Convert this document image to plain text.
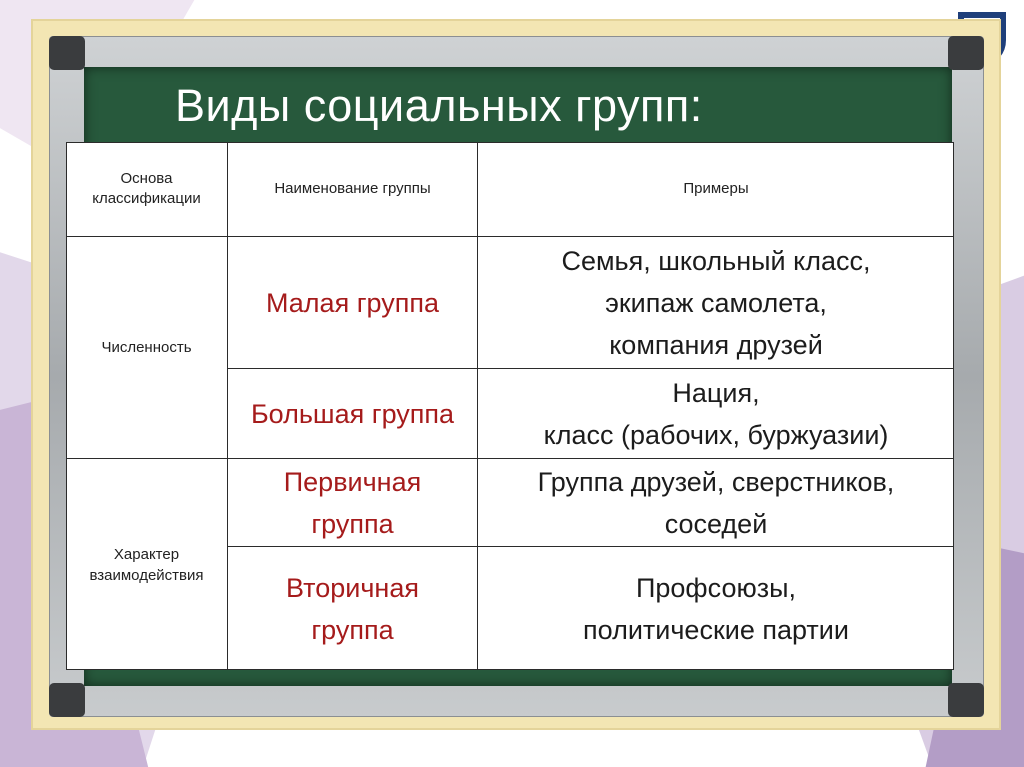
Виды социальных групп:
Основа
классификации
Наименование группы	Примеры
Численность
Малая группа
Семья, школьный класс,
экипаж самолета,
компания друзей
Большая группа
Нация,
класс (рабочих, буржуазии)
Характер
взаимодействия
Первичная
группа
Группа друзей, сверстников,
соседей
Вторичная
группа
Профсоюзы,
политические партии
